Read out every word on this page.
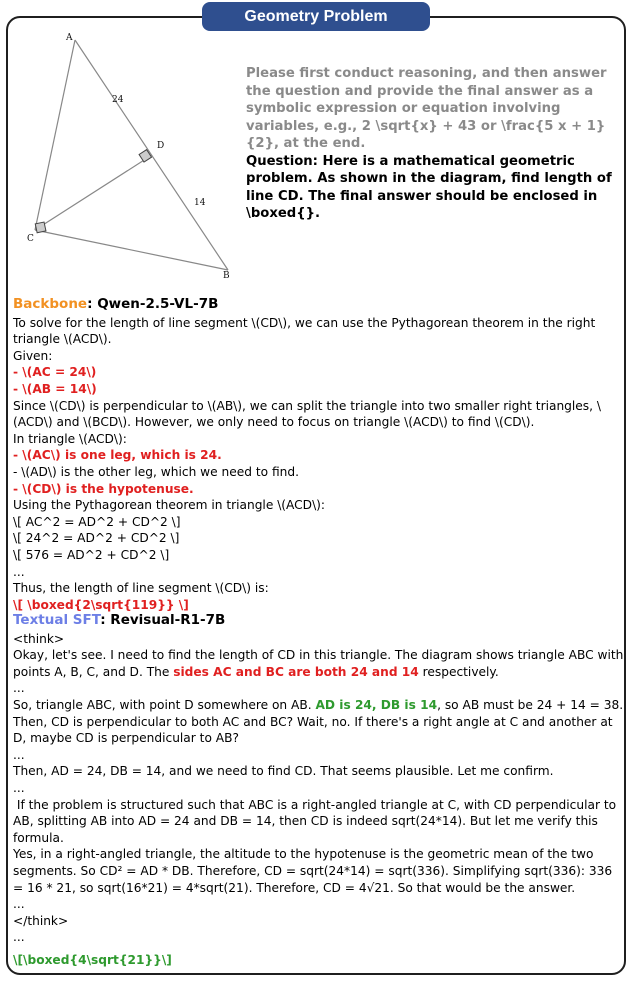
Geometry Problem
A
D
C
B
24
14
Please first conduct reasoning, and then answer the question and provide the final answer as a symbolic expression or equation involving variables, e.g., 2 \sqrt{x} + 43 or \frac{5 x + 1}{2}, at the end.
Question: Here is a mathematical geometric problem. As shown in the diagram, find length of line CD. The final answer should be enclosed in \boxed{}.
Backbone: Qwen-2.5-VL-7B
To solve for the length of line segment \(CD\), we can use the Pythagorean theorem in the right triangle \(ACD\).
Given:
- \(AC = 24\)
- \(AB = 14\)
Since \(CD\) is perpendicular to \(AB\), we can split the triangle into two smaller right triangles, \(ACD\) and \(BCD\). However, we only need to focus on triangle \(ACD\) to find \(CD\).
In triangle \(ACD\):
- \(AC\) is one leg, which is 24.
- \(AD\) is the other leg, which we need to find.
- \(CD\) is the hypotenuse.
Using the Pythagorean theorem in triangle \(ACD\):
\[ AC^2 = AD^2 + CD^2 \]
\[ 24^2 = AD^2 + CD^2 \]
\[ 576 = AD^2 + CD^2 \]
...
Thus, the length of line segment \(CD\) is:
\[ \boxed{2\sqrt{119}} \]
Textual SFT: Revisual-R1-7B
<think>
Okay, let's see. I need to find the length of CD in this triangle. The diagram shows triangle ABC with points A, B, C, and D. The sides AC and BC are both 24 and 14 respectively.
...
So, triangle ABC, with point D somewhere on AB. AD is 24, DB is 14, so AB must be 24 + 14 = 38. Then, CD is perpendicular to both AC and BC? Wait, no. If there's a right angle at C and another at D, maybe CD is perpendicular to AB?
...
Then, AD = 24, DB = 14, and we need to find CD. That seems plausible. Let me confirm.
...
If the problem is structured such that ABC is a right-angled triangle at C, with CD perpendicular to AB, splitting AB into AD = 24 and DB = 14, then CD is indeed sqrt(24*14). But let me verify this formula.
Yes, in a right-angled triangle, the altitude to the hypotenuse is the geometric mean of the two segments. So CD² = AD * DB. Therefore, CD = sqrt(24*14) = sqrt(336). Simplifying sqrt(336): 336 = 16 * 21, so sqrt(16*21) = 4*sqrt(21). Therefore, CD = 4√21. So that would be the answer.
...
</think>
...
\[\boxed{4\sqrt{21}}\]
